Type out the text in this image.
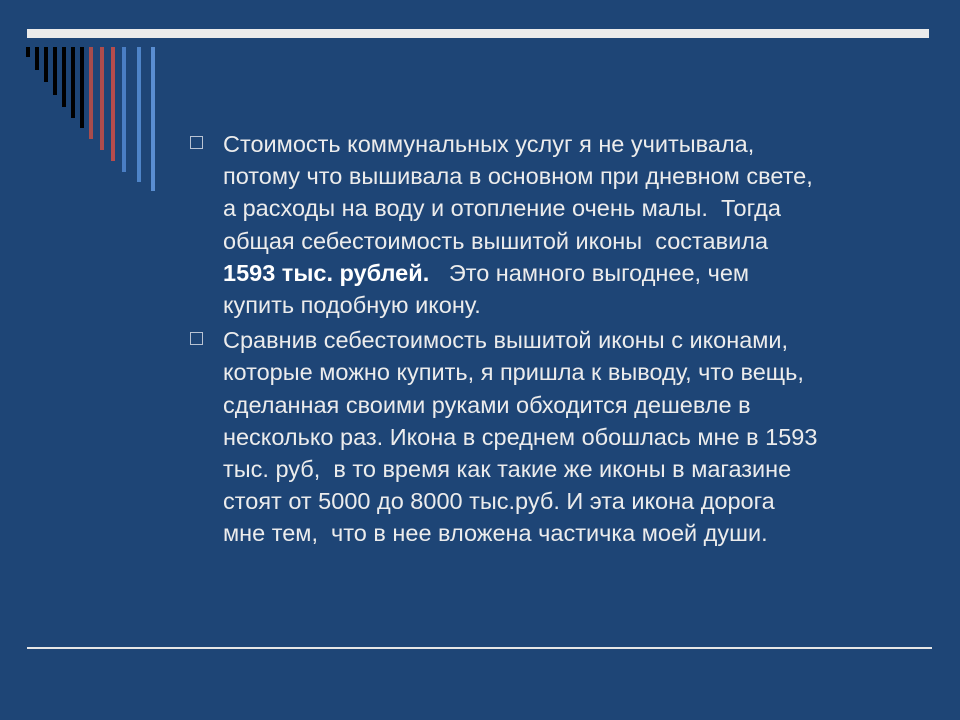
Стоимость коммунальных услуг я не учитывала,
потому что вышивала в основном при дневном свете,
а расходы на воду и отопление очень малы.  Тогда
общая себестоимость вышитой иконы  составила
1593 тыс. рублей.   Это намного выгоднее, чем
купить подобную икону.
Сравнив себестоимость вышитой иконы с иконами,
которые можно купить, я пришла к выводу, что вещь,
сделанная своими руками обходится дешевле в
несколько раз. Икона в среднем обошлась мне в 1593
тыс. руб,  в то время как такие же иконы в магазине
стоят от 5000 до 8000 тыс.руб. И эта икона дорога
мне тем,  что в нее вложена частичка моей души.
